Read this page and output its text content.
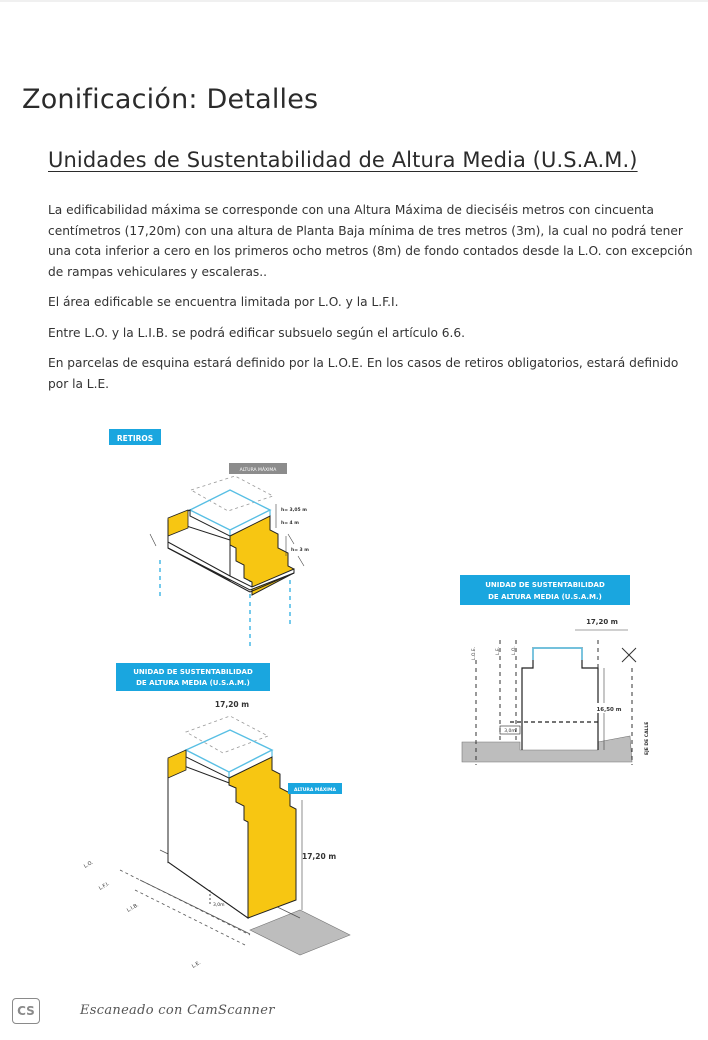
Zonificación: Detalles
Unidades de Sustentabilidad de Altura Media (U.S.A.M.)

La edificabilidad máxima se corresponde con una Altura Máxima de dieciséis metros con cincuenta centímetros (17,20m) con una altura de Planta Baja mínima de tres metros (3m), la cual no podrá tener una cota inferior a cero en los primeros ocho metros (8m) de fondo contados desde la L.O. con excepción de rampas vehiculares y escaleras..

El área edificable se encuentra limitada por L.O. y la L.F.I.

Entre L.O. y la L.I.B. se podrá edificar subsuelo según el artículo 6.6.

En parcelas de esquina estará definido por la L.O.E. En los casos de retiros obligatorios, estará definido por la L.E.

RETIROS
ALTURA MÁXIMA
h= 3,05 m
h= 4 m
h= 3 m
UNIDAD DE SUSTENTABILIDAD
DE ALTURA MEDIA (U.S.A.M.)
17,20 m
3,0m
ALTURA MÁXIMA
17,20 m
L.O.
L.F.I.
L.I.B.
L.E.
UNIDAD DE SUSTENTABILIDAD
DE ALTURA MEDIA (U.S.A.M.)
17,20 m
3,0m
16,50 m
EJE DE CALLE
L.O.E.	L.E. L.O.
CS	Escaneado con CamScanner
